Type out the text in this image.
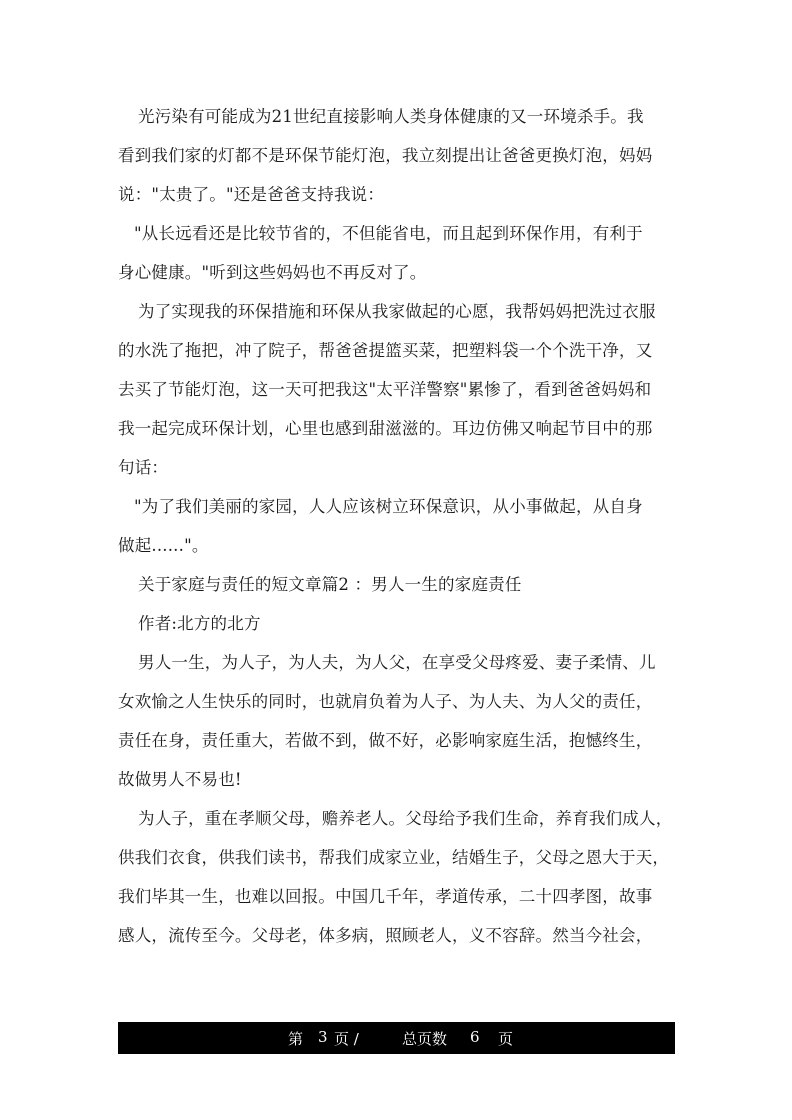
光污染有可能成为21世纪直接影响人类身体健康的又一环境杀手。我
看到我们家的灯都不是环保节能灯泡，我立刻提出让爸爸更换灯泡，妈妈
说："太贵了。"还是爸爸支持我说：
"从长远看还是比较节省的，不但能省电，而且起到环保作用，有利于
身心健康。"听到这些妈妈也不再反对了。
为了实现我的环保措施和环保从我家做起的心愿，我帮妈妈把洗过衣服
的水洗了拖把，冲了院子，帮爸爸提篮买菜，把塑料袋一个个洗干净，又
去买了节能灯泡，这一天可把我这"太平洋警察"累惨了，看到爸爸妈妈和
我一起完成环保计划，心里也感到甜滋滋的。耳边仿佛又响起节目中的那
句话：
"为了我们美丽的家园，人人应该树立环保意识，从小事做起，从自身
做起......"。
关于家庭与责任的短文章篇2 ：男人一生的家庭责任
作者:北方的北方
男人一生，为人子，为人夫，为人父，在享受父母疼爱、妻子柔情、儿
女欢愉之人生快乐的同时，也就肩负着为人子、为人夫、为人父的责任，
责任在身，责任重大，若做不到，做不好，必影响家庭生活，抱憾终生，
故做男人不易也!
为人子，重在孝顺父母，赡养老人。父母给予我们生命，养育我们成人，
供我们衣食，供我们读书，帮我们成家立业，结婚生子，父母之恩大于天，
我们毕其一生，也难以回报。中国几千年，孝道传承，二十四孝图，故事
感人，流传至今。父母老，体多病，照顾老人，义不容辞。然当今社会，
第 3 页 /	总页数 6 页
